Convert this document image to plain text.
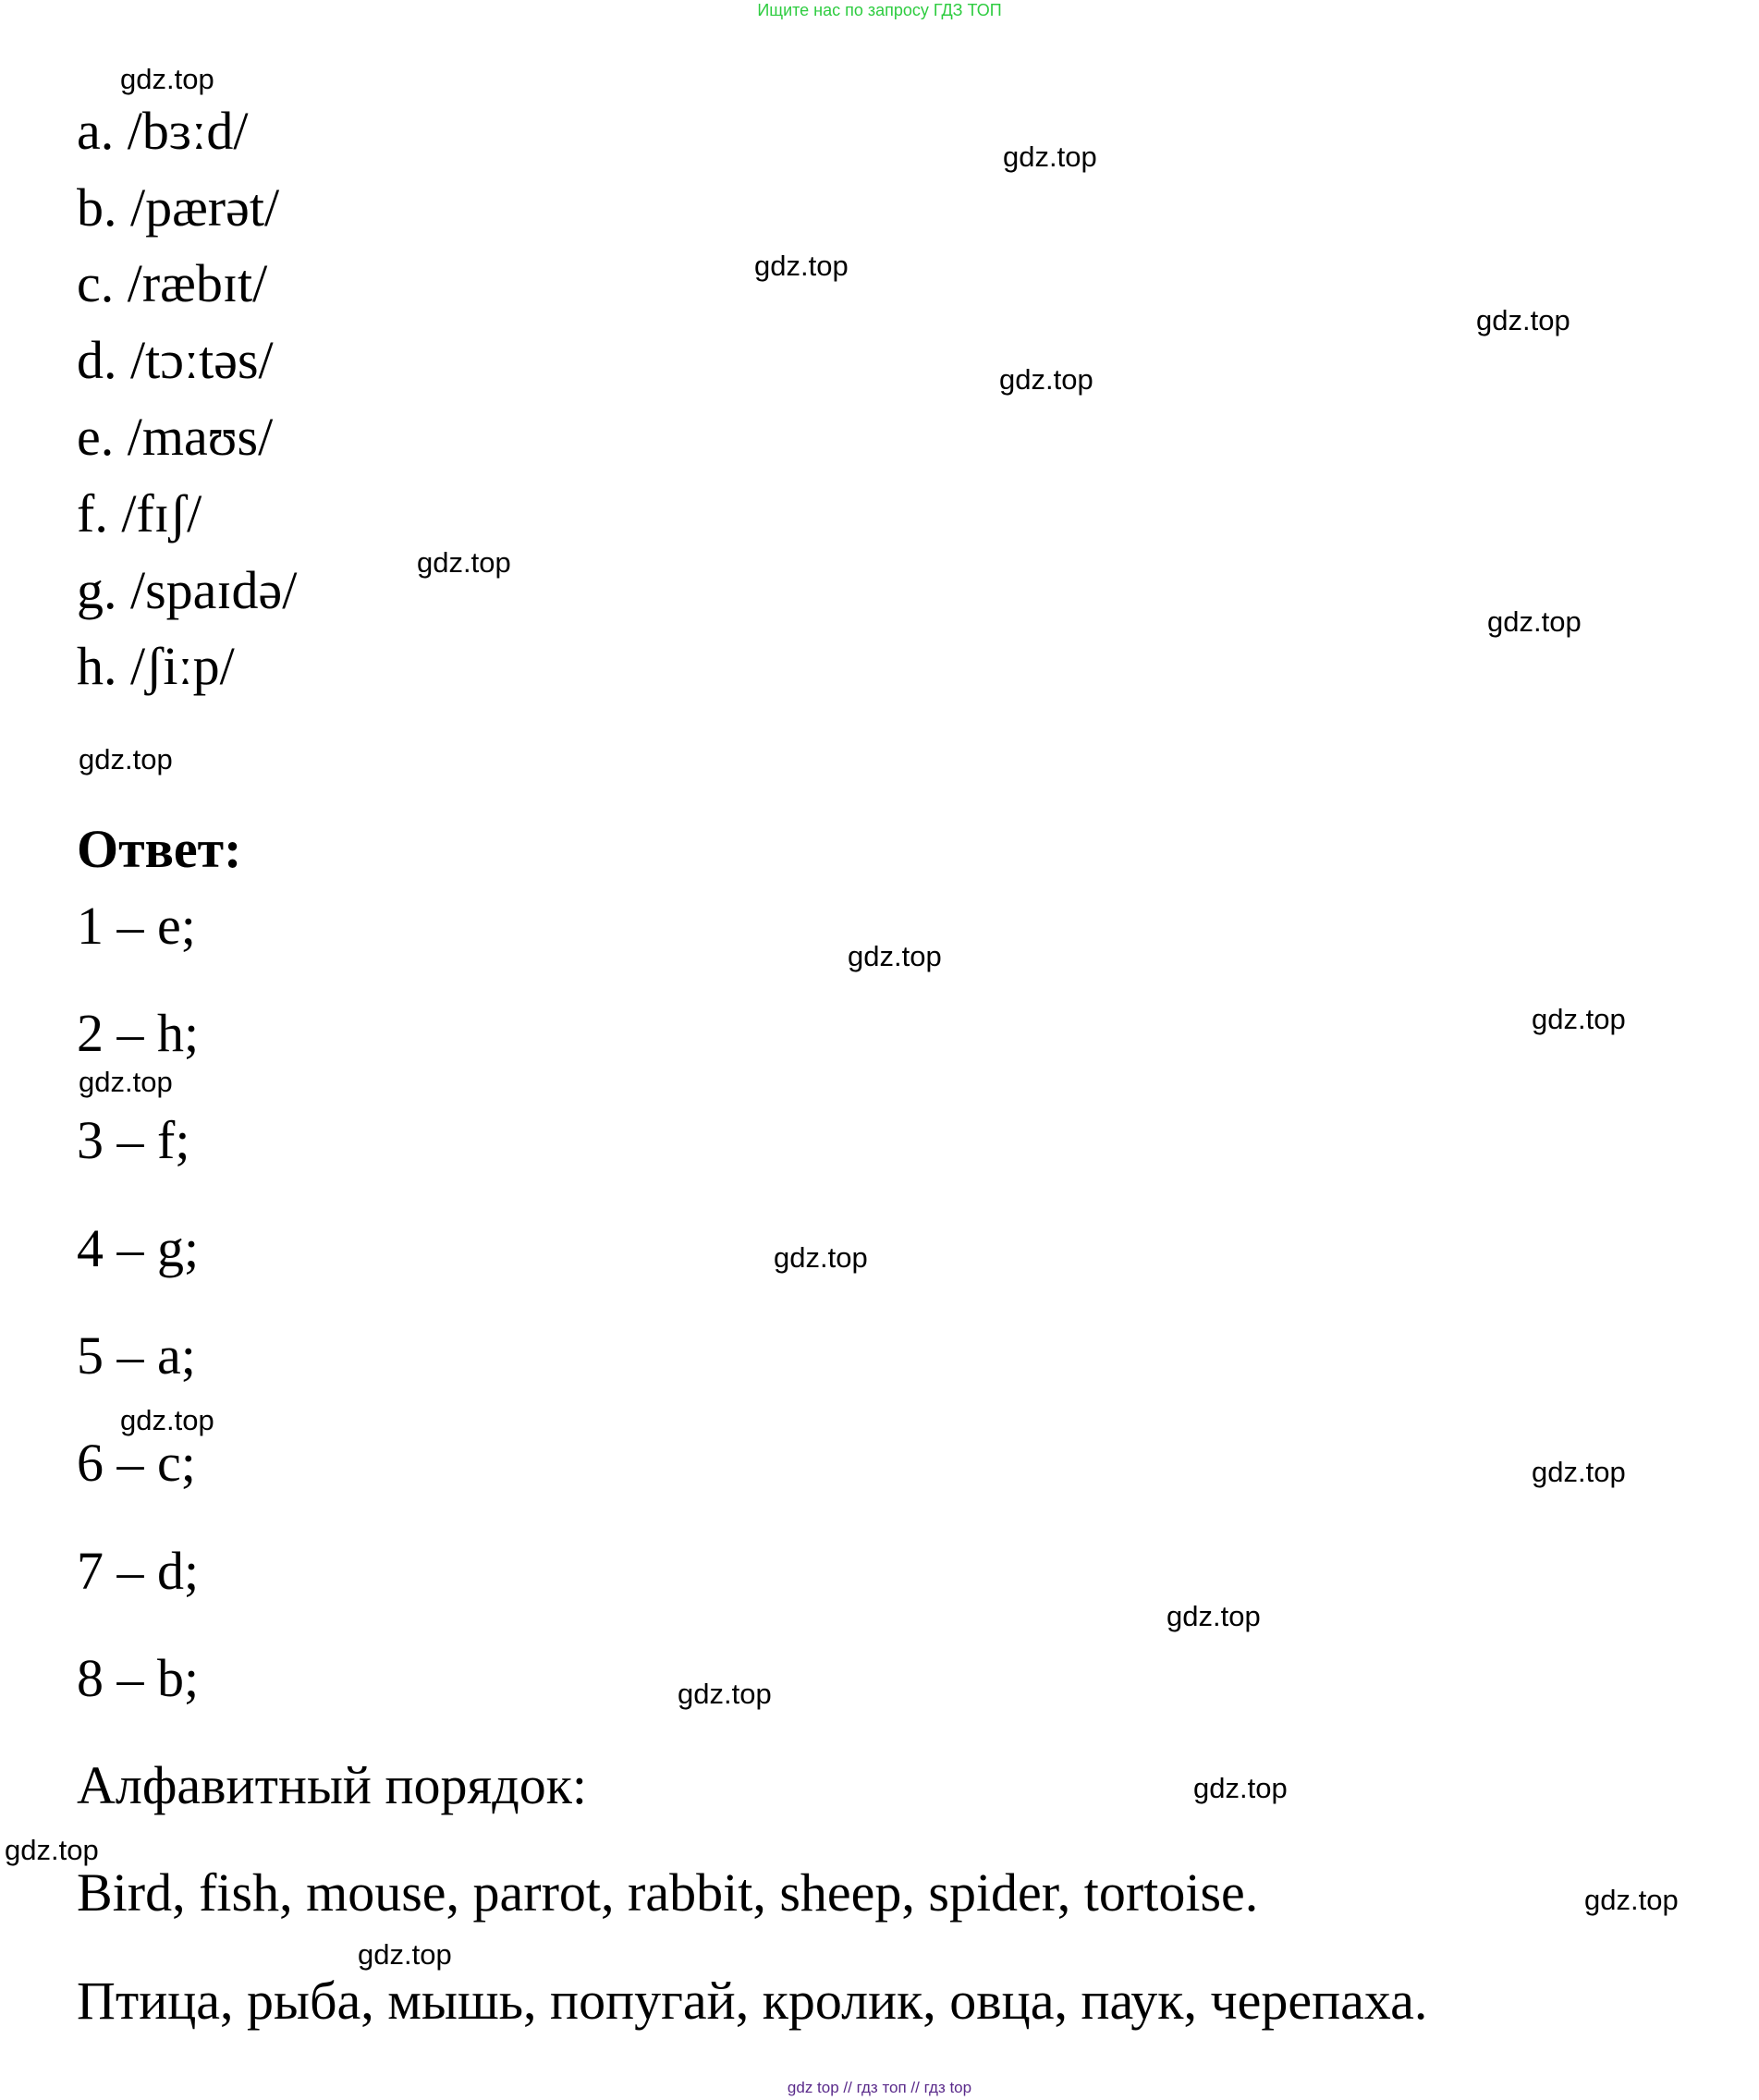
Ищите нас по запросу ГДЗ ТОП
a. /bɜːd/
b. /pærət/
c. /ræbɪt/
d. /tɔːtəs/
e. /maʊs/
f. /fɪʃ/
g. /spaɪdə/
h. /ʃiːp/
Ответ:
1 – e;
2 – h;
3 – f;
4 – g;
5 – a;
6 – c;
7 – d;
8 – b;
Алфавитный порядок:
Bird, fish, mouse, parrot, rabbit, sheep, spider, tortoise.
Птица, рыба, мышь, попугай, кролик, овца, паук, черепаха.
gdz.top
gdz.top
gdz.top
gdz.top
gdz.top
gdz.top
gdz.top
gdz.top
gdz.top
gdz.top
gdz.top
gdz.top
gdz.top
gdz.top
gdz.top
gdz.top
gdz.top
gdz.top
gdz.top
gdz.top
gdz top // гдз топ // гдз top
